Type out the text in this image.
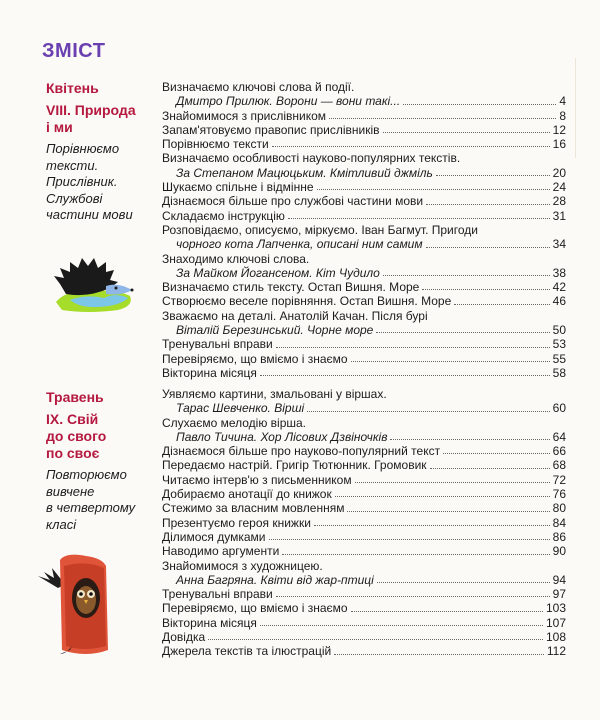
ЗМІСТ
Квітень
VIII. Природа
і ми
Порівнюємо
тексти.
Прислівник.
Службові
частини мови
Травень
IX. Свій
до свого
по своє
Повторюємо
вивчене
в четвертому
класі
Визначаємо ключові слова й події.
Дмитро Прилюк. Ворони — вони такі...	4
Знайомимося з прислівником	8
Запам'ятовуємо правопис прислівників	12
Порівнюємо тексти	16
Визначаємо особливості науково-популярних текстів.
За Степаном Мацюцьким. Кмітливий джміль	20
Шукаємо спільне і відмінне	24
Дізнаємося більше про службові частини мови	28
Складаємо інструкцію	31
Розповідаємо, описуємо, міркуємо. Іван Багмут. Пригоди
чорного кота Лапченка, описані ним самим	34
Знаходимо ключові слова.
За Майком Йогансеном. Кіт Чудило	38
Визначаємо стиль тексту. Остап Вишня. Море	42
Створюємо веселе порівняння. Остап Вишня. Море	46
Зважаємо на деталі. Анатолій Качан. Після бурі
Віталій Березинський. Чорне море	50
Тренувальні вправи	53
Перевіряємо, що вміємо і знаємо	55
Вікторина місяця	58
Уявляємо картини, змальовані у віршах.
Тарас Шевченко. Вірші	60
Слухаємо мелодію вірша.
Павло Тичина. Хор Лісових Дзвіночків	64
Дізнаємося більше про науково-популярний текст	66
Передаємо настрій. Григір Тютюнник. Громовик	68
Читаємо інтерв'ю з письменником	72
Добираємо анотації до книжок	76
Стежимо за власним мовленням	80
Презентуємо героя книжки	84
Ділимося думками	86
Наводимо аргументи	90
Знайомимося з художницею.
Анна Багряна. Квіти від жар-птиці	94
Тренувальні вправи	97
Перевіряємо, що вміємо і знаємо	103
Вікторина місяця	107
Довідка	108
Джерела текстів та ілюстрацій	112
